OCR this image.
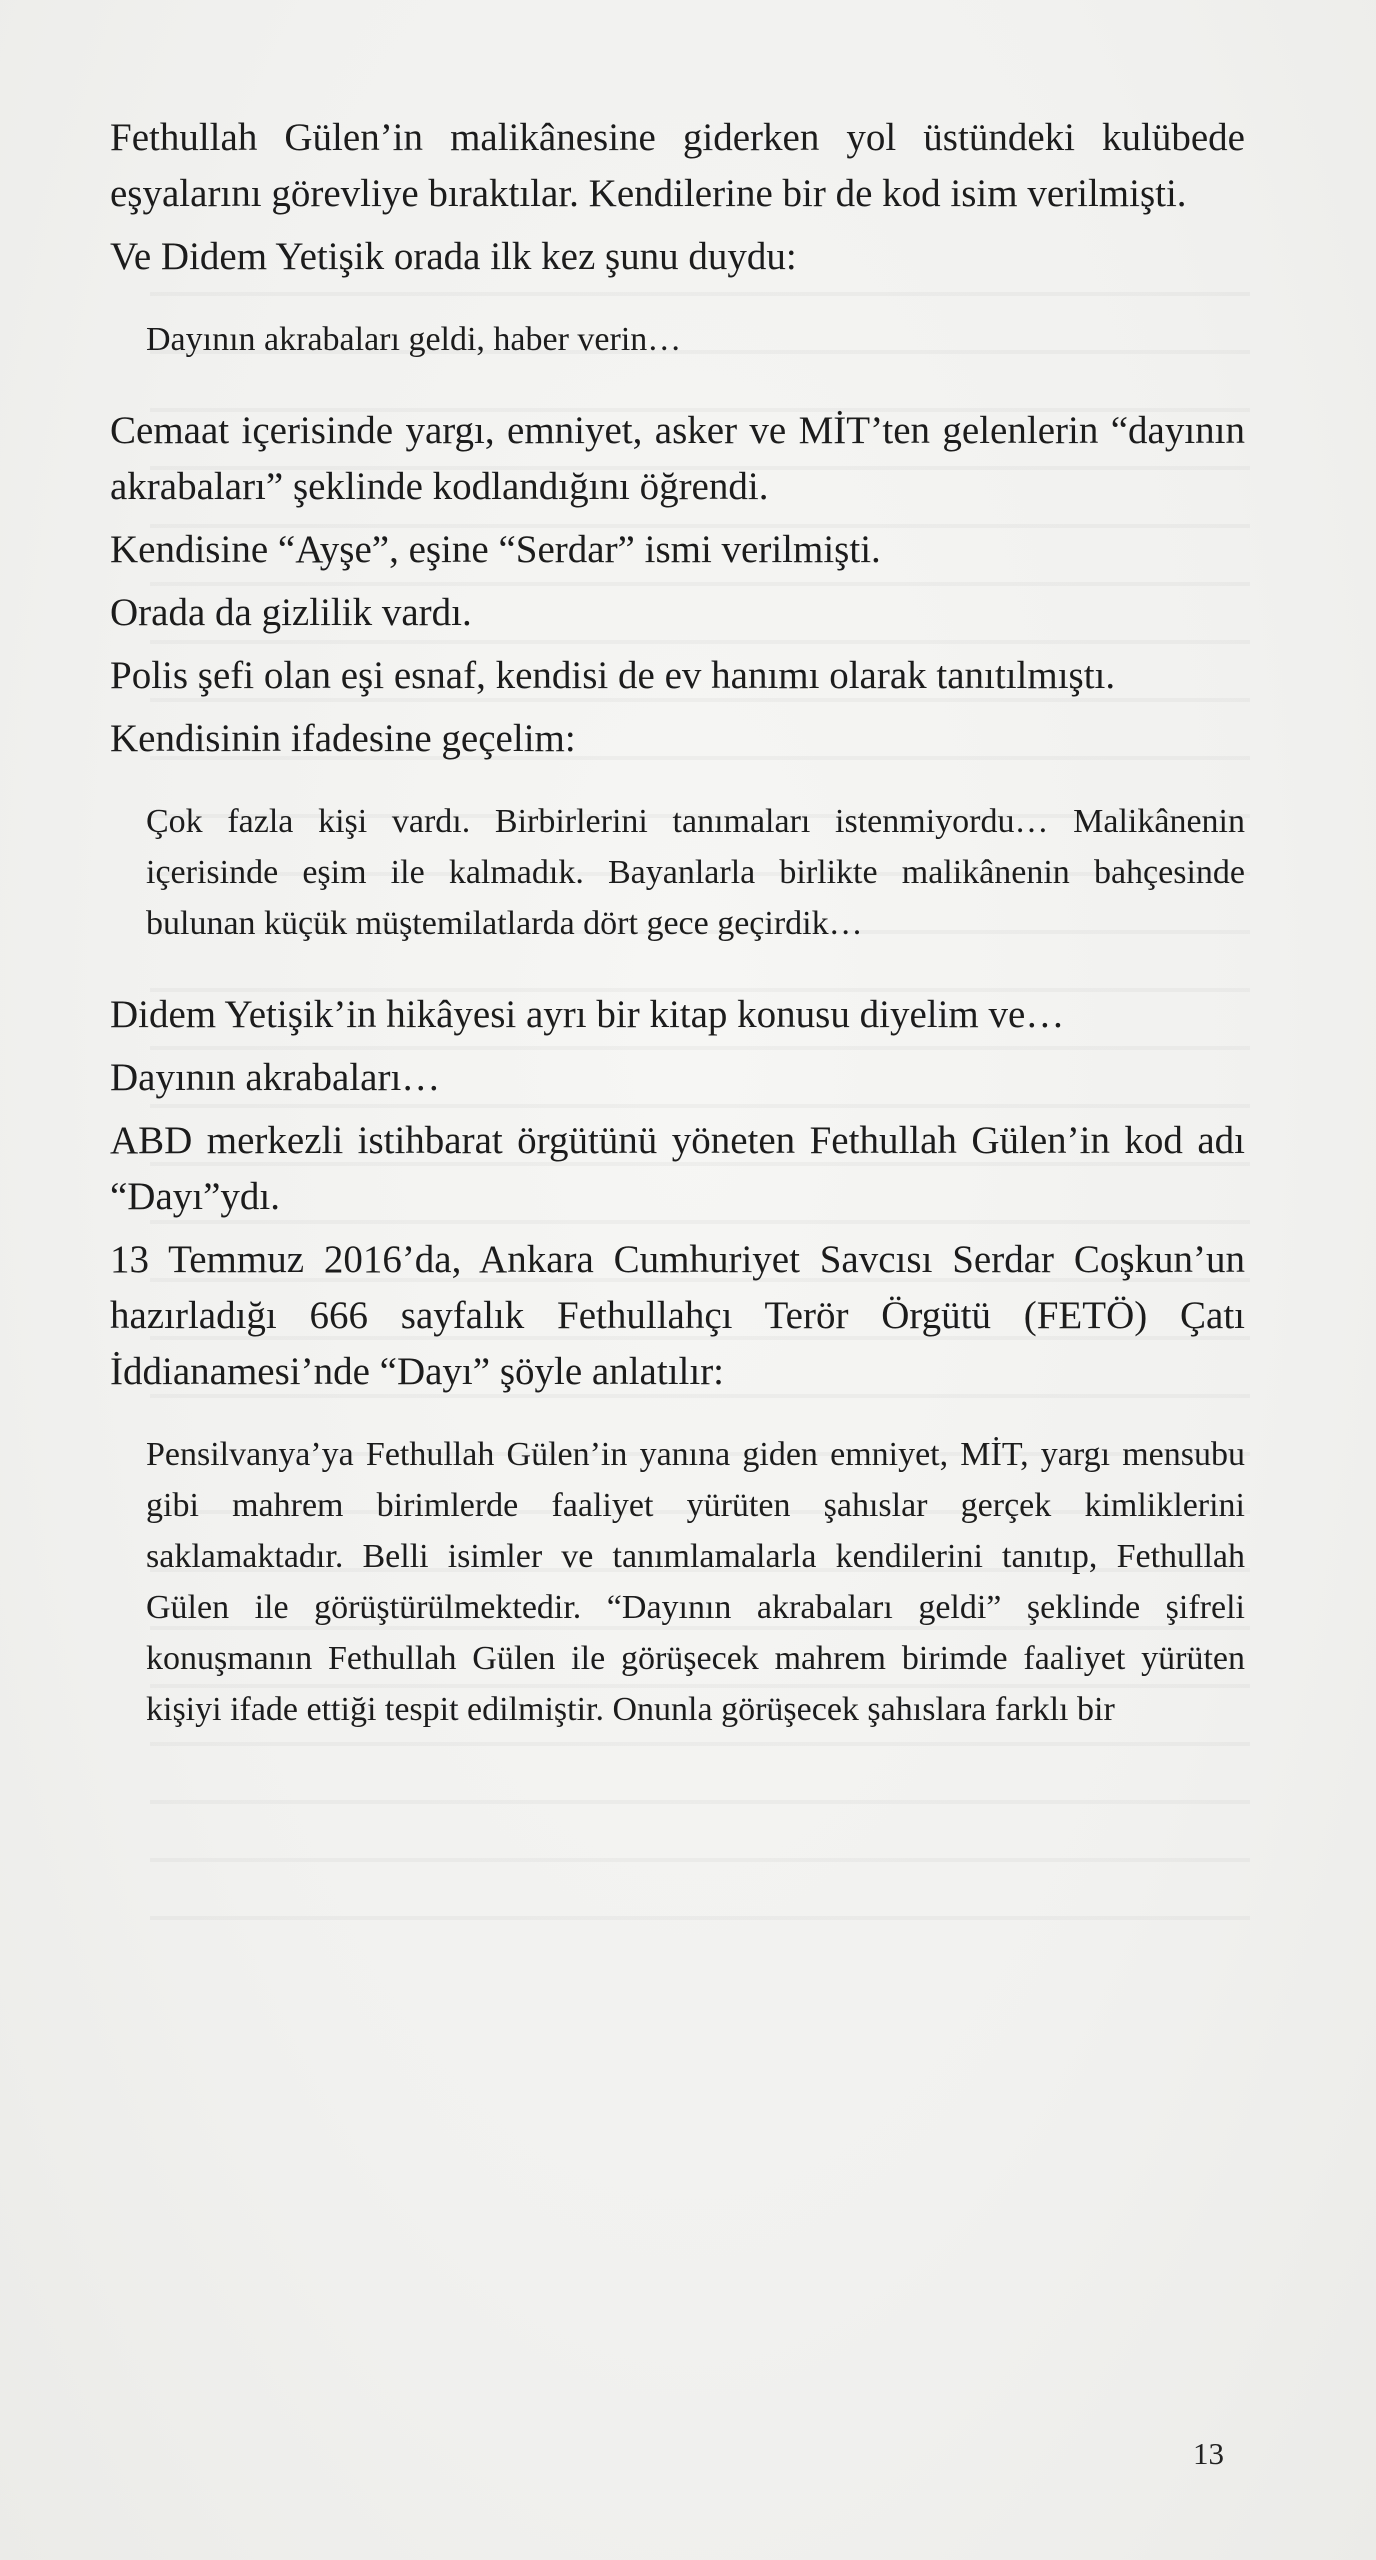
Fethullah Gülen’in malikânesine giderken yol üstündeki kulübede eşyalarını görevliye bıraktılar. Kendilerine bir de kod isim verilmişti.

Ve Didem Yetişik orada ilk kez şunu duydu:

Dayının akrabaları geldi, haber verin…

Cemaat içerisinde yargı, emniyet, asker ve MİT’ten gelenlerin “dayının akrabaları” şeklinde kodlandığını öğrendi.

Kendisine “Ayşe”, eşine “Serdar” ismi verilmişti.

Orada da gizlilik vardı.

Polis şefi olan eşi esnaf, kendisi de ev hanımı olarak tanıtılmıştı.

Kendisinin ifadesine geçelim:

Çok fazla kişi vardı. Birbirlerini tanımaları istenmiyordu… Malikânenin içerisinde eşim ile kalmadık. Bayanlarla birlikte malikânenin bahçesinde bulunan küçük müştemilatlarda dört gece geçirdik…

Didem Yetişik’in hikâyesi ayrı bir kitap konusu diyelim ve…

Dayının akrabaları…

ABD merkezli istihbarat örgütünü yöneten Fethullah Gülen’in kod adı “Dayı”ydı.

13 Temmuz 2016’da, Ankara Cumhuriyet Savcısı Serdar Coşkun’un hazırladığı 666 sayfalık Fethullahçı Terör Örgütü (FETÖ) Çatı İddianamesi’nde “Dayı” şöyle anlatılır:

Pensilvanya’ya Fethullah Gülen’in yanına giden emniyet, MİT, yargı mensubu gibi mahrem birimlerde faaliyet yürüten şahıslar gerçek kimliklerini saklamaktadır. Belli isimler ve tanımlamalarla kendilerini tanıtıp, Fethullah Gülen ile görüştürülmektedir. “Dayının akrabaları geldi” şeklinde şifreli konuşmanın Fethullah Gülen ile görüşecek mahrem birimde faaliyet yürüten kişiyi ifade ettiği tespit edilmiştir. Onunla görüşecek şahıslara farklı bir

13
